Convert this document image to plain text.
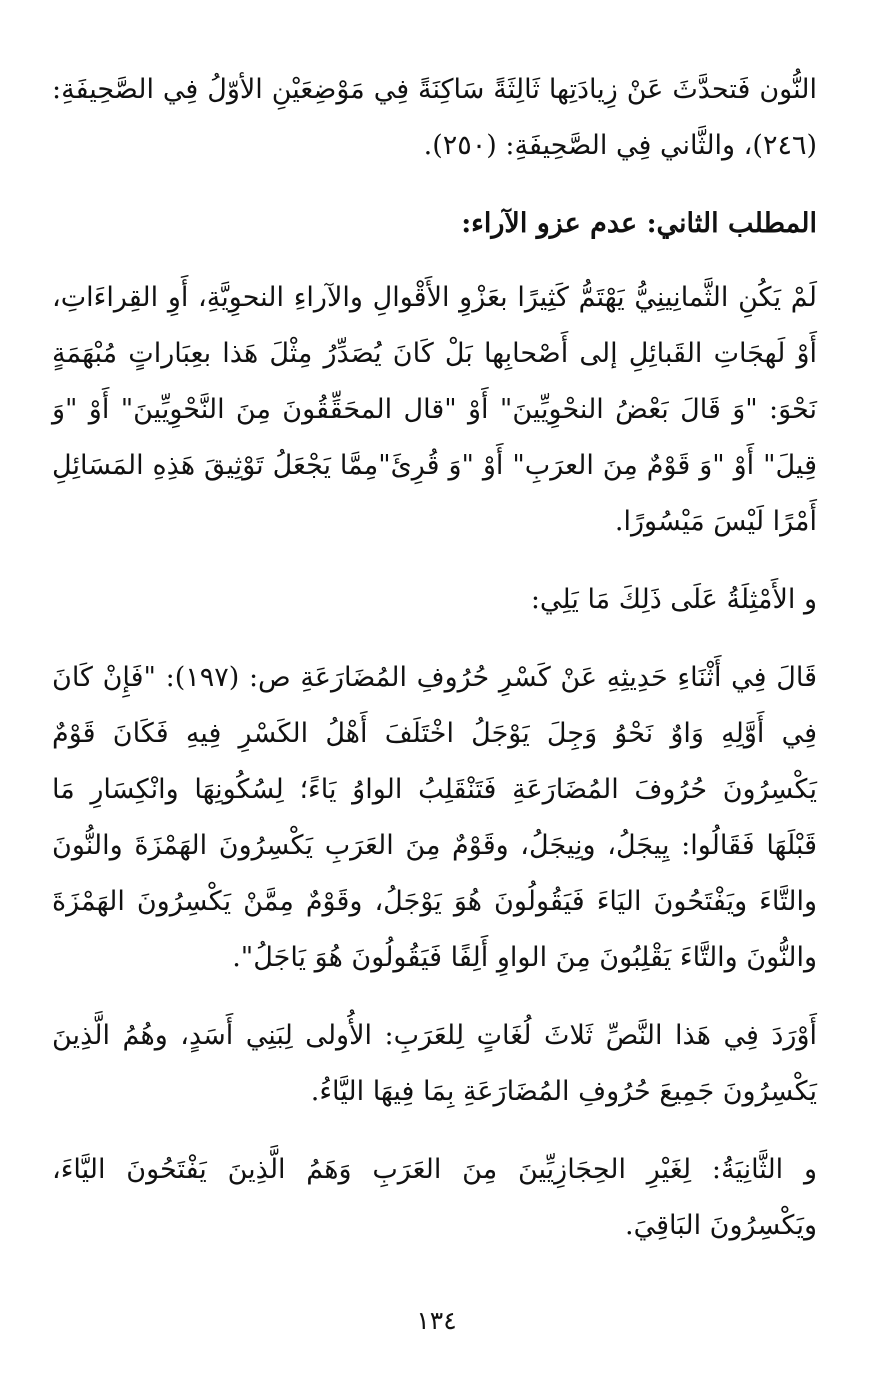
النُّون فَتحدَّثَ عَنْ زِيادَتِها ثَالِثَةً سَاكِنَةً فِي مَوْضِعَيْنِ الأوّلُ فِي الصَّحِيفَةِ: (٢٤٦)، والثَّاني فِي الصَّحِيفَةِ: (٢٥٠).

المطلب الثاني: عدم عزو الآراء:

لَمْ يَكُنِ الثَّمانِينِيُّ يَهْتَمُّ كَثِيرًا بعَزْوِ الأَقْوالِ والآراءِ النحوِيَّةِ، أَوِ القِراءَاتِ، أَوْ لَهجَاتِ القَبائِلِ إلى أَصْحابِها بَلْ كَانَ يُصَدِّرُ مِثْلَ هَذا بعِبَاراتٍ مُبْهَمَةٍ نَحْوَ: "وَ قَالَ بَعْضُ النحْوِيِّينَ" أَوْ "قال المحَقِّقُونَ مِنَ النَّحْوِيِّينَ" أَوْ "وَ قِيلَ" أَوْ "وَ قَوْمٌ مِنَ العرَبِ" أَوْ "وَ قُرِئَ"مِمَّا يَجْعَلُ تَوْثِيقَ هَذِهِ المَسَائِلِ أَمْرًا لَيْسَ مَيْسُورًا.

و الأَمْثِلَةُ عَلَى ذَلِكَ مَا يَلِي:

قَالَ فِي أَثْنَاءِ حَدِيثِهِ عَنْ كَسْرِ حُرُوفِ المُضَارَعَةِ ص: (١٩٧): "فَإِنْ كَانَ فِي أَوَّلِهِ وَاوٌ نَحْوُ وَجِلَ يَوْجَلُ اخْتَلَفَ أَهْلُ الكَسْرِ فِيهِ فَكَانَ قَوْمٌ يَكْسِرُونَ حُرُوفَ المُضَارَعَةِ فَتَنْقَلِبُ الواوُ يَاءً؛ لِسُكُونِهَا وانْكِسَارِ مَا قَبْلَهَا فَقَالُوا: يِيجَلُ، ونِيجَلُ، وقَوْمٌ مِنَ العَرَبِ يَكْسِرُونَ الهَمْزَةَ والنُّونَ والتَّاءَ ويَفْتَحُونَ اليَاءَ فَيَقُولُونَ هُوَ يَوْجَلُ، وقَوْمٌ مِمَّنْ يَكْسِرُونَ الهَمْزَةَ والنُّونَ والتَّاءَ يَقْلِبُونَ مِنَ الواوِ أَلِفًا فَيَقُولُونَ هُوَ يَاجَلُ".

أَوْرَدَ فِي هَذا النَّصِّ ثَلاثَ لُغَاتٍ لِلعَرَبِ: الأُولى لِبَنِي أَسَدٍ، وهُمُ الَّذِينَ يَكْسِرُونَ جَمِيعَ حُرُوفِ المُضَارَعَةِ بِمَا فِيهَا اليَّاءُ.

و الثَّانِيَةُ: لِغَيْرِ الحِجَازِيِّينَ مِنَ العَرَبِ وَهَمُ الَّذِينَ يَفْتَحُونَ اليَّاءَ، ويَكْسِرُونَ البَاقِيَ.

١٣٤
